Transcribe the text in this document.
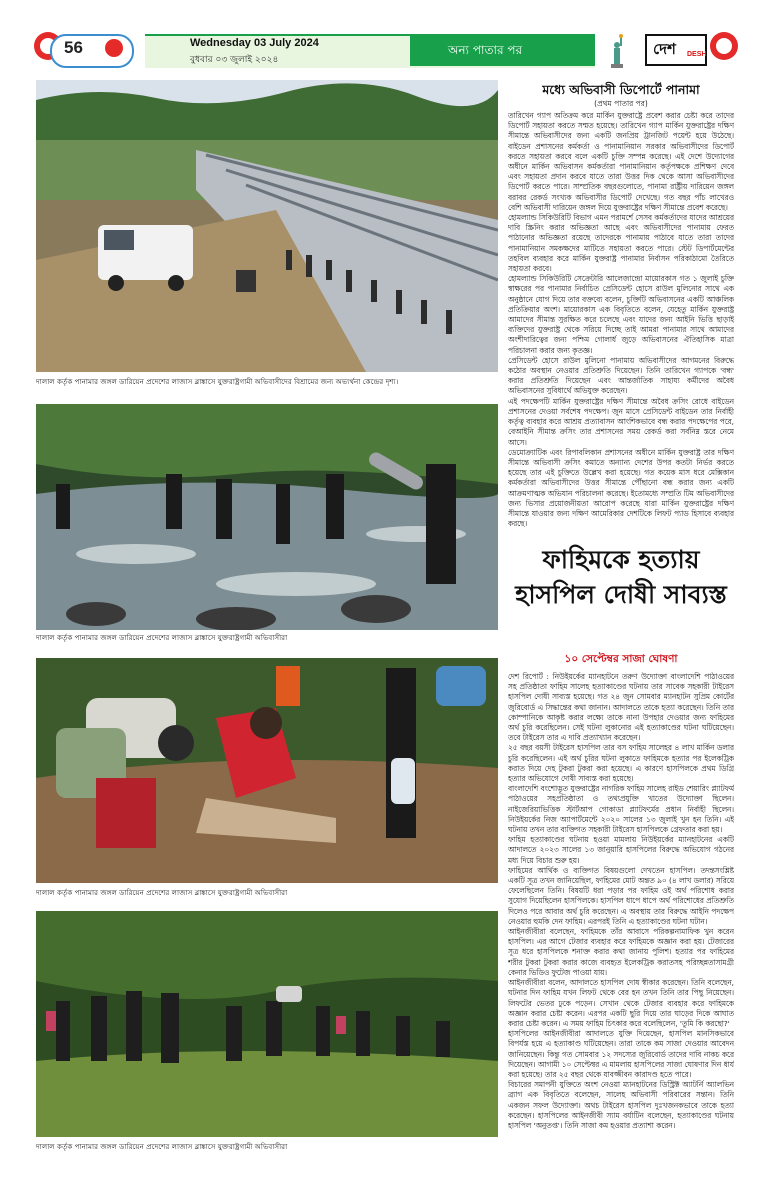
56	Wednesday 03 July 2024
বুধবার ০৩ জুলাই ২০২৪
অন্য পাতার পর	দেশ DESH
দালাল কর্তৃক পানামার জঙ্গল ডারিয়েন প্রদেশের লাজাস ব্লাঙ্কাসে যুক্তরাষ্ট্রগামী অভিবাসীদের বিশ্রামের জন্য অভ্যর্থনা কেন্দ্রের দৃশ্য।
দালাল কর্তৃক পানামার জঙ্গল ডারিয়েন প্রদেশের লাজাস ব্লাঙ্কাসে যুক্তরাষ্ট্রগামী অভিবাসীরা
দালাল কর্তৃক পানামার জঙ্গল ডারিয়েন প্রদেশের লাজাস ব্লাঙ্কাসে যুক্তরাষ্ট্রগামী অভিবাসীরা
দালাল কর্তৃক পানামার জঙ্গল ডারিয়েন প্রদেশের লাজাস ব্লাঙ্কাসে যুক্তরাষ্ট্রগামী অভিবাসীরা
মধ্যে অভিবাসী ডিপোর্টে পানামা
(প্রথম পাতার পর)

তারিখেন গ্যাপ অতিক্রম করে মার্কিন যুক্তরাষ্ট্রে প্রবেশ করার চেষ্টা করে তাদের ডিপোর্ট সহায়তা করতে সম্মত হয়েছে। তারিখেন গ্যাপ মার্কিন যুক্তরাষ্ট্রের দক্ষিণ সীমান্তে অভিবাসীদের জন্য একটি জনপ্রিয় ট্রানজিট পয়েন্ট হয়ে উঠেছে। বাইডেন প্রশাসনের কর্মকর্তা ও পানামানিয়ান সরকার অভিবাসীদের ডিপোর্ট করতে সহায়তা করবে বলে একটি চুক্তি সম্পন্ন করেছে। এই দেশে উদ্যোগের অধীনে মার্কিন অভিবাসন কর্মকর্তারা পানামানিয়ান কর্তৃপক্ষকে প্রশিক্ষণ দেবে এবং সহায়তা প্রদান করবে যাতে তারা উত্তর দিক থেকে আসা অভিবাসীদের ডিপোর্ট করতে পারে। সাম্প্রতিক বছরগুলোতে, পানামা রাষ্ট্রীয় দারিয়েন জঙ্গল বরাবর রেকর্ড সংখ্যক অভিবাসীর ডিপোর্ট দেখেছে। গত বছর পাঁচ লাখেরও বেশি অভিবাসী দারিয়েন জঙ্গল দিয়ে যুক্তরাষ্ট্রের দক্ষিণ সীমান্তে প্রবেশ করেছে।

হোমল্যান্ড সিকিউরিটি বিভাগ এমন পরামর্শে সেসব কর্মকর্তাদের যাদের আশ্রয়ের দাবি স্ক্রিনিং করার অভিজ্ঞতা আছে এবং অভিবাসীদের পানামায় ফেরত পাঠানোর অভিজ্ঞতা রয়েছে তাদেরকে পানামায় পাঠাবে যাতে তারা তাদের পানামানিয়ান সমকক্ষদের মাটিতে সহায়তা করতে পারে। স্টেট ডিপার্টমেন্টের তহবিল ব্যবহার করে মার্কিন যুক্তরাষ্ট্র পানামার নির্বাসন পরিকাঠামো তৈরিতে সহায়তা করবে।

হোমল্যান্ড সিকিউরিটি সেক্রেটারি আলেজান্দ্রো মায়োরকাস গত ১ জুলাই চুক্তি স্বাক্ষরের পর পানামার নির্বাচিত প্রেসিডেন্ট হোসে রাউল মুলিনোর সাথে এক অনুষ্ঠানে যোগ দিয়ে তার বক্তব্যে বলেন, চুক্তিটি অভিবাসনের একটি আঞ্চলিক প্রতিক্রিয়ার অংশ। মায়োরকাস এক বিবৃতিতে বলেন, যেহেতু মার্কিন যুক্তরাষ্ট্র আমাদের সীমান্ত সুরক্ষিত করে চলেছে এবং যাদের জন্য আইনি ভিত্তি ছাড়াই ব্যক্তিদের যুক্তরাষ্ট্র থেকে সরিয়ে দিচ্ছে তাই আমরা পানামার সাথে আমাদের অংশীদারিত্বের জন্য পশ্চিম গোলার্ধ জুড়ে অভিবাসনের ঐতিহাসিক মাত্রা পরিচালনা করার জন্য কৃতজ্ঞ।

প্রেসিডেন্ট হোসে রাউল মুলিনো পানামায় অভিবাসীদের আগমনের বিরুদ্ধে কঠোর অবস্থান নেওয়ার প্রতিশ্রুতি দিয়েছেন। তিনি তারিখেন গ্যাপকে 'বন্ধ' করার প্রতিশ্রুতি দিয়েছেন এবং আন্তর্জাতিক সাহায্য কর্মীদের অবৈধ অভিবাসনের সুবিধার্থে অভিযুক্ত করেছেন।

এই পদক্ষেপটি মার্কিন যুক্তরাষ্ট্রের দক্ষিণ সীমান্তে অবৈধ ক্রসিং রোধে বাইডেন প্রশাসনের দেওয়া সর্বশেষ পদক্ষেপ। জুন মাসে প্রেসিডেন্ট বাইডেন তার নির্বাহী কর্তৃত্ব ব্যবহার করে আশ্রয় প্রত্যাবাসন আংশিকভাবে বন্ধ করার পদক্ষেপের পরে, বেআইনি সীমান্ত ক্রসিং তার প্রশাসনের সময় রেকর্ড করা সর্বনিম্ন স্তরে নেমে আসে।

ডেমোক্র্যাটিক এবং রিপাবলিকান প্রশাসনের অধীনে মার্কিন যুক্তরাষ্ট্র তার দক্ষিণ সীমান্তে অভিবাসী ক্রসিং কমাতে অন্যান্য দেশের উপর কতটা নির্ভর করতে হয়েছে তার এই চুক্তিতে উল্লেখ করা হয়েছে। গত কয়েক মাস ধরে মেক্সিকান কর্মকর্তারা অভিবাসীদের উত্তর সীমান্তে পৌঁছানো বন্ধ করার জন্য একটি আক্রমণাত্মক অভিযান পরিচালনা করেছে। ইতোমধ্যে সম্প্রতি টিম অভিবাসীদের জন্য ভিসার প্রয়োজনীয়তা আরোপ করেছে যারা মার্কিন যুক্তরাষ্ট্রের দক্ষিণ সীমান্তে যাওয়ার জন্য দক্ষিণ আমেরিকার দেশটিকে লিফট প্যাড হিসাবে ব্যবহার করছে।

ফাহিমকে হত্যায় হাসপিল দোষী সাব্যস্ত
১০ সেপ্টেম্বর সাজা ঘোষণা

দেশ রিপোর্ট : নিউইয়র্কের ম্যানহাটনে তরুণ উদ্যোক্তা বাংলাদেশি পাঠাওয়ের সহ প্রতিষ্ঠাতা ফাহিম সালেহ হত্যাকাণ্ডের ঘটনায় তার সাবেক সহকারী টাইরেস হাসপিল দোষী সাব্যস্ত হয়েছে। গত ২৪ জুন সোমবার ম্যানহাটন সুপ্রিম কোর্টের জুরিবোর্ড এ সিদ্ধান্তের কথা জানান। আদালতে তাকে হত্যা করেছেন। তিনি তার কোম্পানিকে আকৃষ্ট করার লক্ষ্যে তাকে নানা উপহার দেওয়ার জন্য ফাহিমের অর্থ চুরি করেছিলেন। সেই ঘটনা লুকানোর এই হত্যাকাণ্ডের ঘটনা ঘটিয়েছেন। তবে টাইরেস তার এ দাবি প্রত্যাখ্যান করেছেন।

২৫ বছর বয়সী টাইরেস হাসপিল তার বস ফাহিম সালেহর ৪ লাখ মার্কিন ডলার চুরি করেছিলেন। এই অর্থ চুরির ঘটনা লুকাতে ফাহিমকে হত্যার পর ইলেকট্রিক করাত দিয়ে দেহ টুকরা টুকরা করা হয়েছে। এ কারণে হাসপিলকে প্রথম ডিগ্রি হত্যার অভিযোগে দোষী সাব্যস্ত করা হয়েছে।

বাংলাদেশি বংশোদ্ভূত যুক্তরাষ্ট্রের নাগরিক ফাহিম সালেহ রাইড শেয়ারিং প্ল্যাটফর্ম পাঠাওয়ের সহপ্রতিষ্ঠাতা ও তথ্যপ্রযুক্তি খাতের উদ্যোক্তা ছিলেন। নাইজেরিয়াভিত্তিক স্টার্টআপ গোকাডা প্ল্যাটফর্মের প্রধান নির্বাহী ছিলেন। নিউইয়র্কের নিজ অ্যাপার্টমেন্টে ২০২০ সালের ১৩ জুলাই খুন হন তিনি। এই ঘটনায় তখন তার ব্যক্তিগত সহকারী টাইরেস হাসপিলকে গ্রেফতার করা হয়।

ফাহিম হত্যাকাণ্ডের ঘটনায় হওয়া মামলায় নিউইয়র্কের ম্যানহাটনের একটি আদালতে ২০২৩ সালের ১৩ জানুয়ারি হাসপিলের বিরুদ্ধে অভিযোগ গঠনের মধ্য দিয়ে বিচার শুরু হয়।

ফাহিমের আর্থিক ও ব্যক্তিগত বিষয়গুলো দেখতেন হাসপিল। তদন্তসংশ্লিষ্ট একটি সূত্র তখন জানিয়েছিল, ফাহিমের মোট অন্তত ৯০ (৪ লাখ ডলার) সরিয়ে ফেলেছিলেন তিনি। বিষয়টি ধরা পড়ার পর ফাহিম ওই অর্থ পরিশোধ করার সুযোগ দিয়েছিলেন হাসপিলকে। হাসপিল ধাপে ধাপে অর্থ পরিশোধের প্রতিশ্রুতি দিলেও পরে আবার অর্থ চুরি করেছেন। এ অবস্থায় তার বিরুদ্ধে আইনি পদক্ষেপ নেওয়ার হুমকি দেন ফাহিম। এরপরই তিনি এ হত্যাকাণ্ডের ঘটনা ঘটান।

আইনজীবীরা বলেছেন, ফাহিমকে তাঁর আবাসে পরিকল্পনামাফিক খুন করেন হাসপিল। এর আগে টেজার ব্যবহার করে ফাহিমকে অজ্ঞান করা হয়। টেজারের সূত্র ধরে হাসপিলকে শনাক্ত করার কথা জানায় পুলিশ। হত্যার পর ফাহিমের শরীর টুকরা টুকরা করার কাজে ব্যবহৃত ইলেকট্রিক করাতসহ পরিচ্ছন্নতাসামগ্রী কেনার ভিডিও ফুটেজ পাওয়া যায়।

আইনজীবীরা বলেন, আদালতে হাসপিল দোষ স্বীকার করেছেন। তিনি বলেছেন, ঘটনার দিন ফাহিম যখন লিফট থেকে বের হন তখন তিনি তার পিছু নিয়েছেন। লিফটের ভেতর ঢুকে পড়েন। সেখান থেকে টেজার ব্যবহার করে ফাহিমকে অজ্ঞান করার চেষ্টা করেন। এরপর একটি ছুরি দিয়ে তার ঘাড়ের দিকে আঘাত করার চেষ্টা করেন। এ সময় ফাহিম চিৎকার করে বলেছিলেন, 'তুমি কি করছো?'

হাসপিলের আইনজীবীরা আদালতে যুক্তি দিয়েছেন, হাসপিল মানসিকভাবে বিপর্যস্ত হয়ে এ হত্যাকাণ্ড ঘটিয়েছেন। তারা তাকে কম সাজা দেওয়ার আবেদন জানিয়েছেন। কিন্তু গত সোমবার ১২ সদস্যের জুরিবোর্ড তাদের দাবি নাকচ করে দিয়েছেন। আগামী ১০ সেপ্টেম্বর এ মামলায় হাসপিলের সাজা ঘোষণার দিন ধার্য করা হয়েছে। তার ২৫ বছর থেকে যাবজ্জীবন কারাদণ্ড হতে পারে।

বিচারের সমাপনী যুক্তিতে অংশ নেওয়া ম্যানহাটনের ডিস্ট্রিক্ট অ্যাটর্নি অ্যালভিন ব্র্যাগ এক বিবৃতিতে বলেছেন, সালেহ অভিবাসী পরিবারের সন্তান। তিনি একজন সফল উদ্যোক্তা। অথচ টাইরেস হাসপিল দুঃখজনকভাবে তাকে হত্যা করেছেন। হাসপিলের আইনজীবী স্যাম বর্যাটিন বলেছেন, হত্যাকাণ্ডের ঘটনায় হাসপিল 'অনুতপ্ত'। তিনি সাজা কম হওয়ার প্রত্যাশা করেন।
